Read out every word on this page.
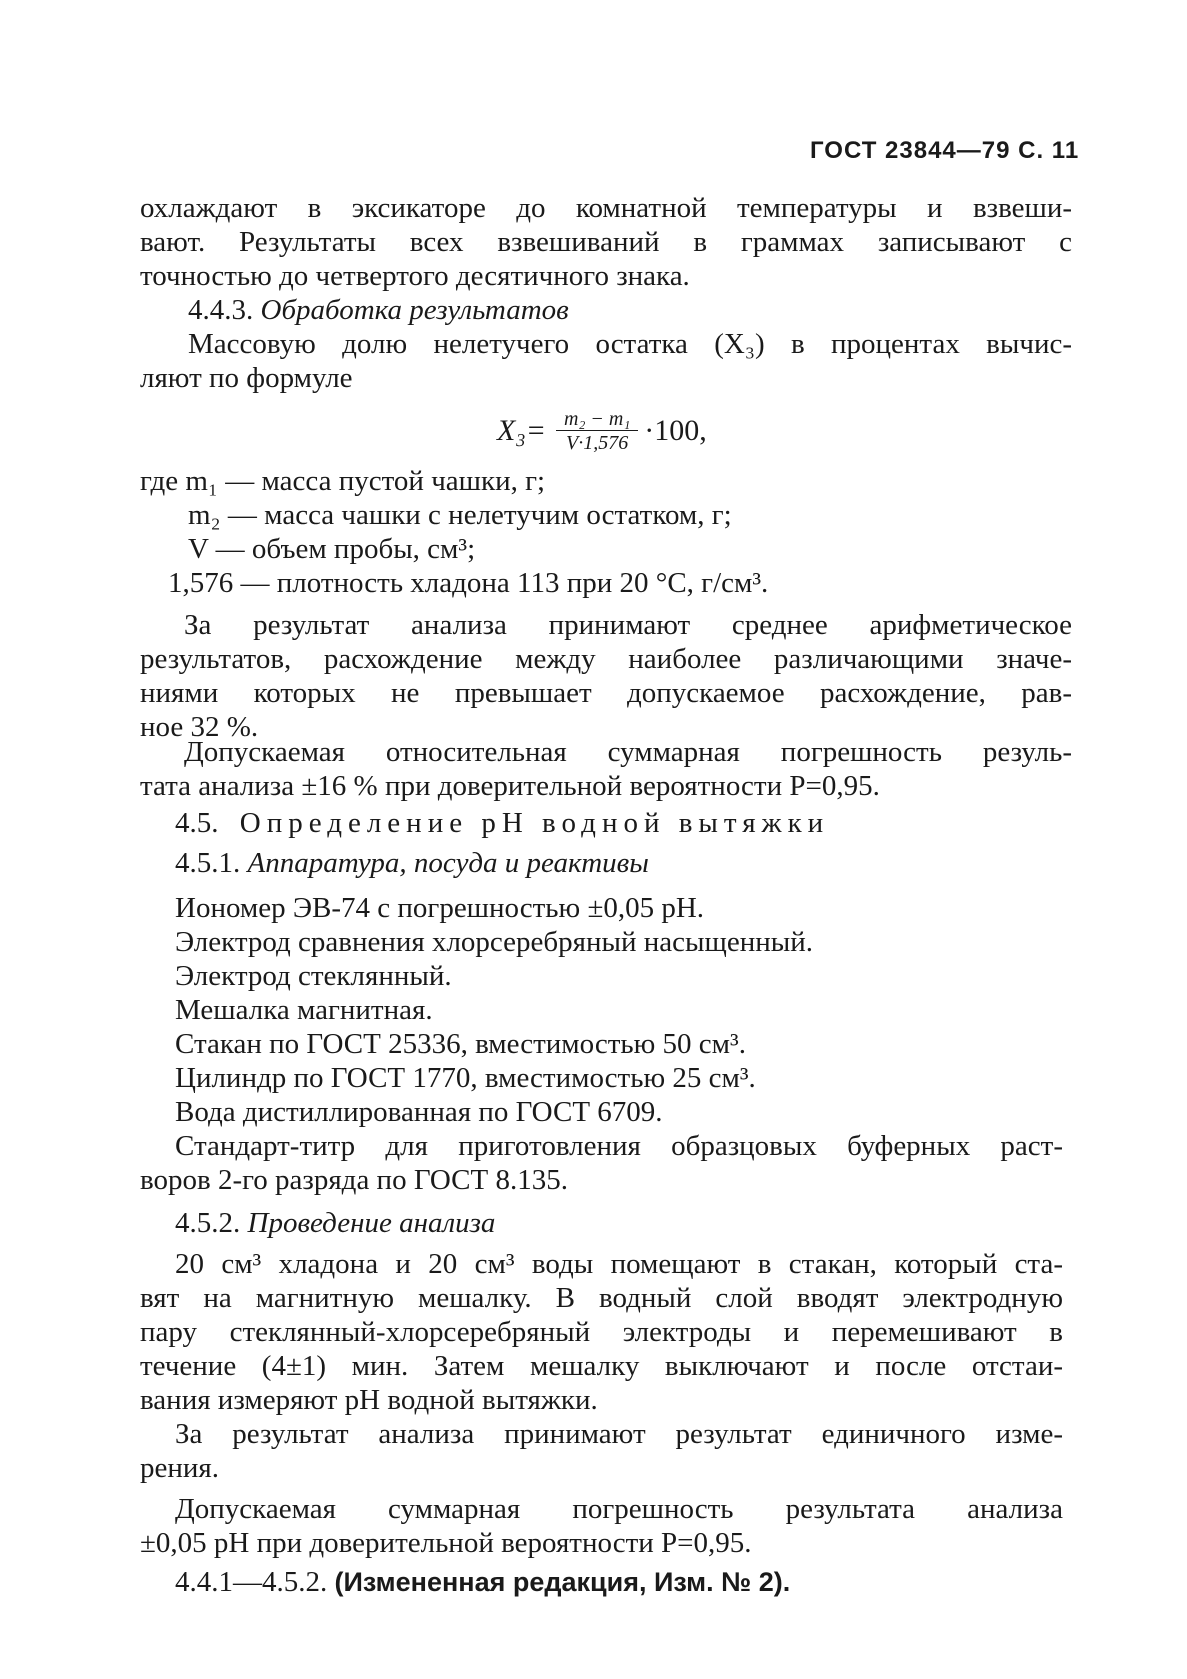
ГОСТ 23844—79 С. 11
охлаждают в эксикаторе до комнатной температуры и взвеши-
вают. Результаты всех взвешиваний в граммах записывают с
точностью до четвертого десятичного знака.
4.4.3. Обработка результатов
Массовую долю нелетучего остатка (X₃) в процентах вычис-
ляют по формуле
$X_3= \frac{\text{m₂ − m₁}}{V\cdot 1,576} \cdot 100$,
где m₁ — масса пустой чашки, г;
m₂ — масса чашки с нелетучим остатком, г;
V — объем пробы, см³;
1,576 — плотность хладона 113 при 20 °С, г/см³.
За результат анализа принимают среднее арифметическое
результатов, расхождение между наиболее различающими значе-
ниями которых не превышает допускаемое расхождение, рав-
ное 32 %.
Допускаемая относительная суммарная погрешность резуль-
тата анализа ±16 % при доверительной вероятности P=0,95.
4.5. Определение pH водной вытяжки
4.5.1. Аппаратура, посуда и реактивы
Иономер ЭВ-74 с погрешностью ±0,05 pH.
Электрод сравнения хлорсеребряный насыщенный.
Электрод стеклянный.
Мешалка магнитная.
Стакан по ГОСТ 25336, вместимостью 50 см³.
Цилиндр по ГОСТ 1770, вместимостью 25 см³.
Вода дистиллированная по ГОСТ 6709.
Стандарт-титр для приготовления образцовых буферных раст-
воров 2-го разряда по ГОСТ 8.135.
4.5.2. Проведение анализа
20 см³ хладона и 20 см³ воды помещают в стакан, который ста-
вят на магнитную мешалку. В водный слой вводят электродную
пару стеклянный-хлорсеребряный электроды и перемешивают в
течение (4±1) мин. Затем мешалку выключают и после отстаи-
вания измеряют pH водной вытяжки.
За результат анализа принимают результат единичного изме-
рения.
Допускаемая суммарная погрешность результата анализа
±0,05 pH при доверительной вероятности P=0,95.
4.4.1—4.5.2. (Измененная редакция, Изм. № 2).
